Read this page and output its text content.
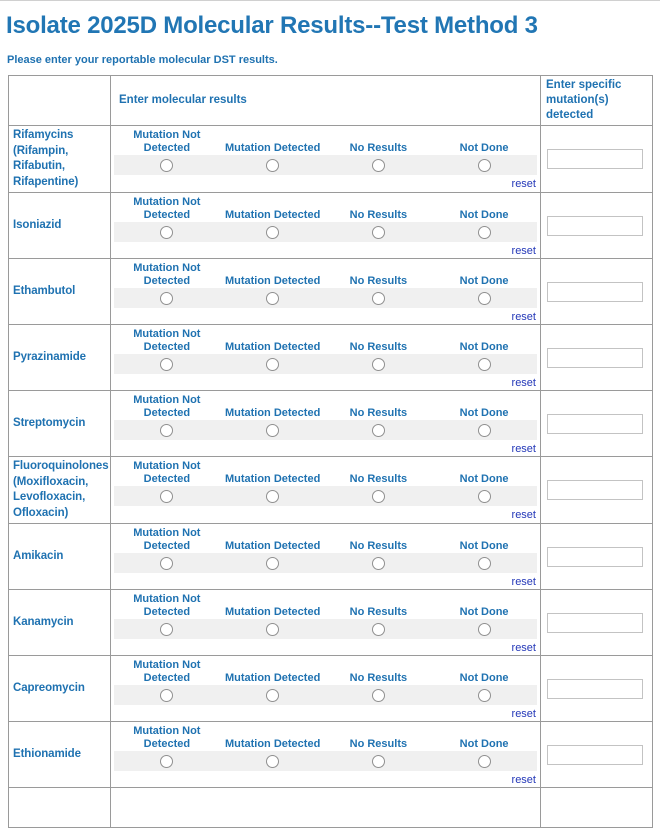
Isolate 2025D Molecular Results--Test Method 3

Please enter your reportable molecular DST results.

	Enter molecular results	Enter specific mutation(s) detected
Rifamycins (Rifampin, Rifabutin, Rifapentine)	Mutation Not Detected Mutation Detected No Results Not Done
reset

Isoniazid	Mutation Not Detected Mutation Detected No Results Not Done
reset

Ethambutol	Mutation Not Detected Mutation Detected No Results Not Done
reset

Pyrazinamide	Mutation Not Detected Mutation Detected No Results Not Done
reset

Streptomycin	Mutation Not Detected Mutation Detected No Results Not Done
reset

Fluoroquinolones (Moxifloxacin, Levofloxacin, Ofloxacin)	Mutation Not Detected Mutation Detected No Results Not Done
reset

Amikacin	Mutation Not Detected Mutation Detected No Results Not Done
reset

Kanamycin	Mutation Not Detected Mutation Detected No Results Not Done
reset

Capreomycin	Mutation Not Detected Mutation Detected No Results Not Done
reset

Ethionamide	Mutation Not Detected Mutation Detected No Results Not Done
reset
